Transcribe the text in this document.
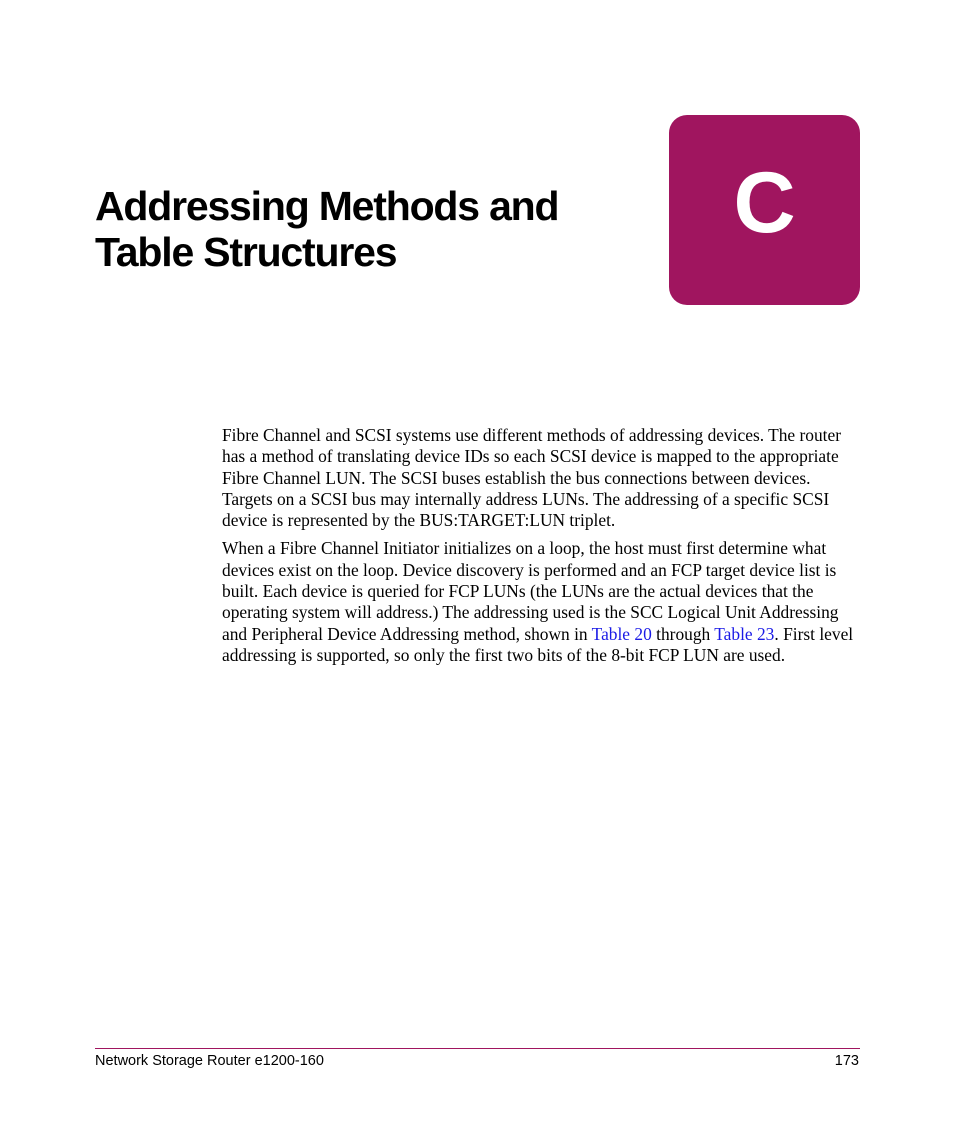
Addressing Methods and
Table Structures
C

Fibre Channel and SCSI systems use different methods of addressing devices. The router has a method of translating device IDs so each SCSI device is mapped to the appropriate Fibre Channel LUN. The SCSI buses establish the bus connections between devices. Targets on a SCSI bus may internally address LUNs. The addressing of a specific SCSI device is represented by the BUS:TARGET:LUN triplet.

When a Fibre Channel Initiator initializes on a loop, the host must first determine what devices exist on the loop. Device discovery is performed and an FCP target device list is built. Each device is queried for FCP LUNs (the LUNs are the actual devices that the operating system will address.) The addressing used is the SCC Logical Unit Addressing and Peripheral Device Addressing method, shown in Table 20 through Table 23. First level addressing is supported, so only the first two bits of the 8-bit FCP LUN are used.

Network Storage Router e1200-160	173
